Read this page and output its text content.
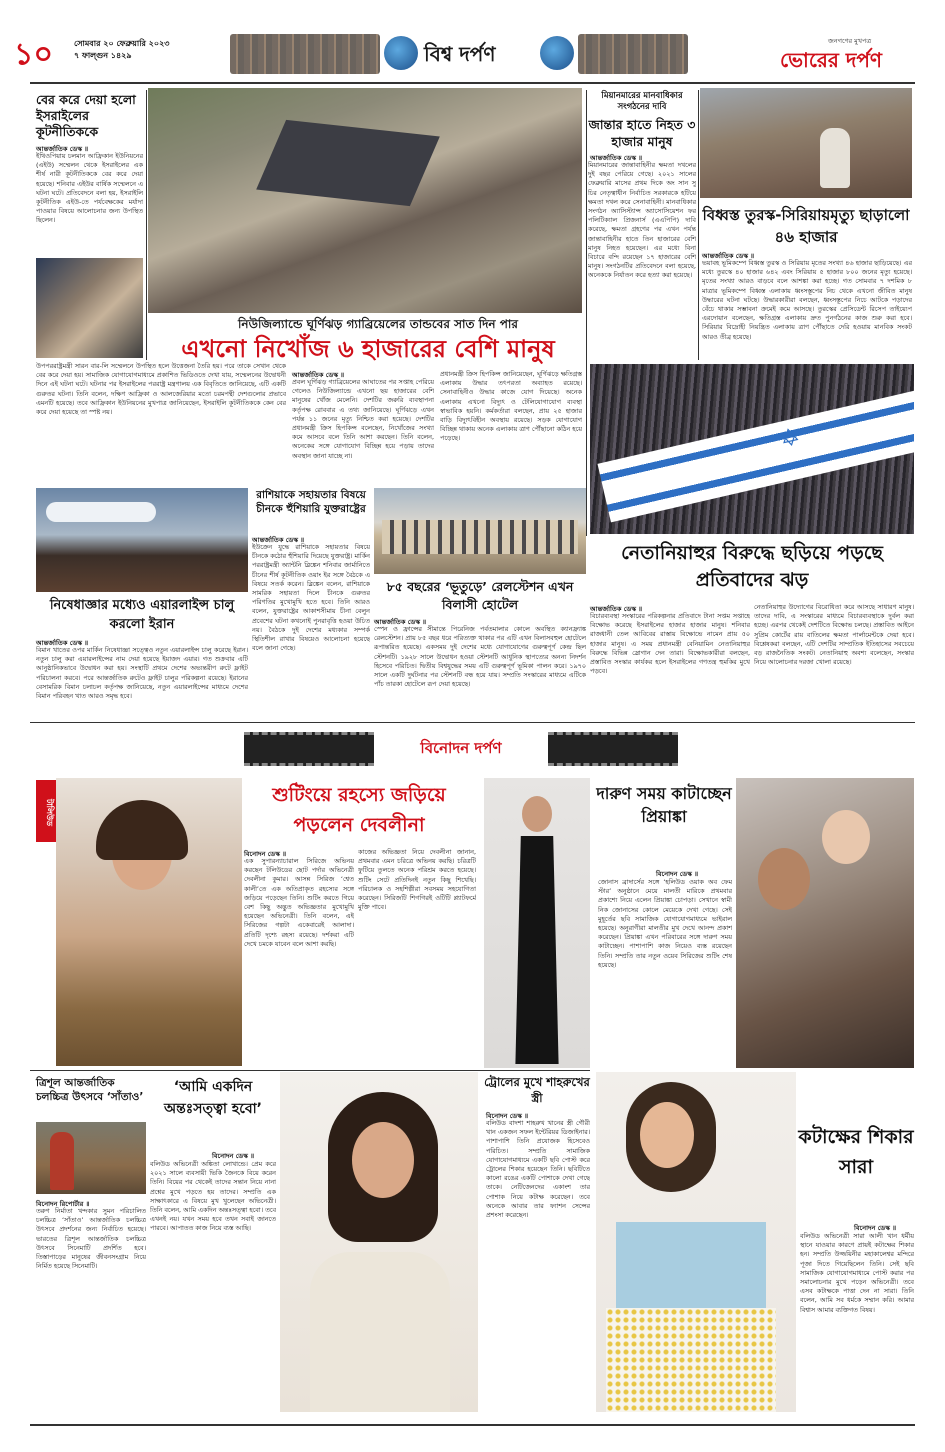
১০	সোমবার ২০ ফেব্রুয়ারি ২০২৩
৭ ফাল্গুন ১৪২৯	বিশ্ব দর্পণ
জনগণের মুখপত্র
ভোরের দর্পণ
বের করে দেয়া হলো ইসরাইলের কূটনীতিককে
আন্তর্জাতিক ডেস্ক ॥
ইথিওপিয়ায় চলমান আফ্রিকান ইউনিয়নের (এইউ) সম্মেলন থেকে ইসরাইলের এক শীর্ষ নারী কূটনীতিককে বের করে দেয়া হয়েছে। শনিবার এইউর বার্ষিক সম্মেলনে এ ঘটনা ঘটে। প্রতিবেদনে বলা হয়, ইসরাইলি কূটনীতিক এইউ-তে পর্যবেক্ষকের মর্যাদা পাওয়ার বিষয়ে আলোচনার জন্য উপস্থিত ছিলেন।
উপপররাষ্ট্রমন্ত্রী সারন বার-লি সম্মেলনে উপস্থিত হলে উত্তেজনা তৈরি হয়। পরে তাকে সেখান থেকে বের করে দেয়া হয়। সামাজিক যোগাযোগমাধ্যমে প্রকাশিত ভিডিওতে দেখা যায়, সম্মেলনের উদ্বোধনী দিনে এই ঘটনা ঘটে। ঘটনার পর ইসরাইলের পররাষ্ট্র মন্ত্রণালয় এক বিবৃতিতে জানিয়েছে, এটি একটি গুরুতর ঘটনা। তিনি বলেন, দক্ষিণ আফ্রিকা ও আলজেরিয়ার মতো চরমপন্থী দেশগুলোর প্রভাবে এমনটি হয়েছে। তবে আফ্রিকান ইউনিয়নের মুখপাত্র জানিয়েছেন, ইসরাইলি কূটনীতিককে কেন বের করে দেয়া হয়েছে তা স্পষ্ট নয়।
নিউজিল্যান্ডে ঘূর্ণিঝড় গ্যাব্রিয়েলের তান্ডবের সাত দিন পার
এখনো নিখোঁজ ৬ হাজারের বেশি মানুষ
আন্তর্জাতিক ডেস্ক ॥
প্রবল ঘূর্ণিঝড় গ্যাব্রিয়েলের আঘাতের পর সপ্তাহ পেরিয়ে গেলেও নিউজিল্যান্ডে এখনো ছয় হাজারের বেশি মানুষের খোঁজ মেলেনি। দেশটির জরুরি ব্যবস্থাপনা কর্তৃপক্ষ রোববার এ তথ্য জানিয়েছে। ঘূর্ণিঝড়ে এখন পর্যন্ত ১১ জনের মৃত্যু নিশ্চিত করা হয়েছে। দেশটির প্রধানমন্ত্রী ক্রিস হিপকিন্স বলেছেন, নিখোঁজের সংখ্যা কমে আসবে বলে তিনি আশা করছেন। তিনি বলেন, অনেকের সঙ্গে যোগাযোগ বিচ্ছিন্ন হয়ে পড়ায় তাদের অবস্থান জানা যাচ্ছে না।
প্রধানমন্ত্রী ক্রিস হিপকিন্স জানিয়েছেন, ঘূর্ণিঝড়ে ক্ষতিগ্রস্ত এলাকায় উদ্ধার তৎপরতা অব্যাহত রয়েছে। সেনাবাহিনীও উদ্ধার কাজে যোগ দিয়েছে। অনেক এলাকায় এখনো বিদ্যুৎ ও টেলিযোগাযোগ ব্যবস্থা স্বাভাবিক হয়নি। কর্মকর্তারা বলছেন, প্রায় ২৫ হাজার বাড়ি বিদ্যুৎবিহীন অবস্থায় রয়েছে। সড়ক যোগাযোগ বিচ্ছিন্ন থাকায় অনেক এলাকায় ত্রাণ পৌঁছানো কঠিন হয়ে পড়েছে।
মিয়ানমারের মানবাধিকার সংগঠনের দাবি
জান্তার হাতে নিহত ৩ হাজার মানুষ
আন্তর্জাতিক ডেস্ক ॥
মিয়ানমারের জান্তাবাহিনীর ক্ষমতা দখলের দুই বছর পেরিয়ে গেছে। ২০২১ সালের ফেব্রুয়ারি মাসের প্রথম দিকে অং সান সু চির নেতৃত্বাধীন নির্বাচিত সরকারকে হটিয়ে ক্ষমতা দখল করে সেনাবাহিনী। মানবাধিকার সংগঠন অ্যাসিস্ট্যান্স অ্যাসোসিয়েশন ফর পলিটিক্যাল প্রিজনার্স (এএপিপি) দাবি করেছে, ক্ষমতা গ্রহণের পর এখন পর্যন্ত জান্তাবাহিনীর হাতে তিন হাজারের বেশি মানুষ নিহত হয়েছেন। এর মধ্যে বিনা বিচারে বন্দি রয়েছেন ১৭ হাজারের বেশি মানুষ। সংগঠনটির প্রতিবেদনে বলা হয়েছে, অনেককে নির্যাতন করে হত্যা করা হয়েছে।
বিধ্বস্ত তুরস্ক-সিরিয়ায়মৃত্যু ছাড়ালো ৪৬ হাজার
আন্তর্জাতিক ডেস্ক ॥
ভয়াবহ ভূমিকম্পে বিধ্বস্ত তুরস্ক ও সিরিয়ায় মৃতের সংখ্যা ৪৬ হাজার ছাড়িয়েছে। এর মধ্যে তুরস্কে ৪০ হাজার ৬৪২ এবং সিরিয়ায় ৫ হাজার ৮০০ জনের মৃত্যু হয়েছে। মৃতের সংখ্যা আরও বাড়বে বলে আশঙ্কা করা হচ্ছে। গত সোমবার ৭ দশমিক ৮ মাত্রার ভূমিকম্পে বিধ্বস্ত এলাকায় ধ্বংসস্তূপের নিচ থেকে এখনো জীবিত মানুষ উদ্ধারের ঘটনা ঘটছে। উদ্ধারকারীরা বলছেন, ধ্বংসস্তূপের নিচে আটকে পড়াদের বেঁচে থাকার সম্ভাবনা ক্রমেই কমে আসছে। তুরস্কের প্রেসিডেন্ট রিসেপ তাইয়্যেপ এরদোয়ান বলেছেন, ক্ষতিগ্রস্ত এলাকায় দ্রুত পুনর্গঠনের কাজ শুরু করা হবে। সিরিয়ার বিদ্রোহী নিয়ন্ত্রিত এলাকায় ত্রাণ পৌঁছাতে দেরি হওয়ায় মানবিক সংকট আরও তীব্র হয়েছে।
✡
নিষেধাজ্ঞার মধ্যেও এয়ারলাইন্স চালু করলো ইরান
আন্তর্জাতিক ডেস্ক ॥
বিমান খাতের ওপর মার্কিন নিষেধাজ্ঞা সত্ত্বেও নতুন এয়ারলাইন্স চালু করেছে ইরান। নতুন চালু করা এয়ারলাইন্সের নাম দেয়া হয়েছে ইয়াজদ এয়ার। গত শুক্রবার এটি আনুষ্ঠানিকভাবে উদ্বোধন করা হয়। সংস্থাটি প্রথমে দেশের অভ্যন্তরীণ রুটে ফ্লাইট পরিচালনা করবে। পরে আন্তর্জাতিক রুটেও ফ্লাইট চালুর পরিকল্পনা রয়েছে। ইরানের বেসামরিক বিমান চলাচল কর্তৃপক্ষ জানিয়েছে, নতুন এয়ারলাইন্সের মাধ্যমে দেশের বিমান পরিবহন খাত আরও সমৃদ্ধ হবে।
রাশিয়াকে সহায়তার বিষয়ে চীনকে হুঁশিয়ারি যুক্তরাষ্ট্রের
আন্তর্জাতিক ডেস্ক ॥
ইউক্রেন যুদ্ধে রাশিয়াকে সহায়তার বিষয়ে চীনকে কঠোর হুঁশিয়ারি দিয়েছে যুক্তরাষ্ট্র। মার্কিন পররাষ্ট্রমন্ত্রী অ্যান্টনি ব্লিঙ্কেন শনিবার জার্মানিতে চীনের শীর্ষ কূটনীতিক ওয়াং ইর সঙ্গে বৈঠকে এ বিষয়ে সতর্ক করেন। ব্লিঙ্কেন বলেন, রাশিয়াকে সামরিক সহায়তা দিলে চীনকে গুরুতর পরিণতির মুখোমুখি হতে হবে। তিনি আরও বলেন, যুক্তরাষ্ট্রের আকাশসীমায় চীনা বেলুন প্রবেশের ঘটনা কখনোই পুনরাবৃত্তি হওয়া উচিত নয়। বৈঠকে দুই দেশের মধ্যকার সম্পর্ক স্থিতিশীল রাখার বিষয়েও আলোচনা হয়েছে বলে জানা গেছে।
৮৫ বছরের ‘ভূতুড়ে’ রেলস্টেশন এখন বিলাসী হোটেল
আন্তর্জাতিক ডেস্ক ॥
স্পেন ও ফ্রান্সের সীমান্তে পিরেনিজ পর্বতমালার কোলে অবস্থিত ক্যানফ্র্যাঙ্ক রেলস্টেশন। প্রায় ৮৫ বছর ধরে পরিত্যক্ত থাকার পর এটি এখন বিলাসবহুল হোটেলে রূপান্তরিত হয়েছে। একসময় দুই দেশের মধ্যে যোগাযোগের গুরুত্বপূর্ণ কেন্দ্র ছিল স্টেশনটি। ১৯২৮ সালে উদ্বোধন হওয়া স্টেশনটি আধুনিক স্থাপত্যের অনন্য নিদর্শন হিসেবে পরিচিত। দ্বিতীয় বিশ্বযুদ্ধের সময় এটি গুরুত্বপূর্ণ ভূমিকা পালন করে। ১৯৭০ সালে একটি দুর্ঘটনার পর স্টেশনটি বন্ধ হয়ে যায়। সম্প্রতি সংস্কারের মাধ্যমে এটিকে পাঁচ তারকা হোটেলে রূপ দেয়া হয়েছে।
নেতানিয়াহুর বিরুদ্ধে ছড়িয়ে পড়ছে প্রতিবাদের ঝড়
আন্তর্জাতিক ডেস্ক ॥
বিচারব্যবস্থা সংস্কারের পরিকল্পনার প্রতিবাদে টানা সপ্তম সপ্তাহে বিক্ষোভ করেছে ইসরাইলের হাজার হাজার মানুষ। শনিবার রাজধানী তেল আবিবের রাস্তায় বিক্ষোভে নামেন প্রায় ৫০ হাজার মানুষ। এ সময় প্রধানমন্ত্রী বেনিয়ামিন নেতানিয়াহুর বিরুদ্ধে বিভিন্ন স্লোগান দেন তারা। বিক্ষোভকারীরা বলছেন, প্রস্তাবিত সংস্কার কার্যকর হলে ইসরাইলের গণতন্ত্র হুমকির মুখে পড়বে।
নেতানিয়াহুর উদ্যোগের বিরোধিতা করে আসছে সাধারণ মানুষ। তাদের দাবি, এ সংস্কারের মাধ্যমে বিচারব্যবস্থাকে দুর্বল করা হচ্ছে। এরপর থেকেই দেশটিতে বিক্ষোভ চলছে। প্রস্তাবিত আইনে সুপ্রিম কোর্টের রায় বাতিলের ক্ষমতা পার্লামেন্টকে দেয়া হবে। বিশ্লেষকরা বলছেন, এটি দেশটির সাম্প্রতিক ইতিহাসের সবচেয়ে বড় রাজনৈতিক সংকট। নেতানিয়াহু অবশ্য বলেছেন, সংস্কার নিয়ে আলোচনার দরজা খোলা রয়েছে।
বিনোদন দর্পণ
টালিউড
শুটিংয়ে রহস্যে জড়িয়ে পড়লেন দেবলীনা
বিনোদন ডেস্ক ॥
এক সুপারন্যাচারাল সিরিজে অভিনয় করছেন টলিউডের ছোট পর্দার অভিনেত্রী দেবলীনা কুমার। আসন্ন সিরিজ ‘শ্বেত কালী’তে এক অতিপ্রাকৃত রহস্যের সঙ্গে জড়িয়ে পড়েছেন তিনি। শুটিং করতে গিয়ে বেশ কিছু অদ্ভুত অভিজ্ঞতার মুখোমুখি হয়েছেন অভিনেত্রী। তিনি বলেন, এই সিরিজের গল্পটা একেবারেই আলাদা। প্রতিটি দৃশ্যে রহস্য রয়েছে। দর্শকরা এটি দেখে চমকে যাবেন বলে আশা করছি।
কাজের অভিজ্ঞতা নিয়ে দেবলীনা জানান, প্রথমবার এমন চরিত্রে অভিনয় করছি। চরিত্রটি ফুটিয়ে তুলতে অনেক পরিশ্রম করতে হয়েছে। শুটিং সেটে প্রতিদিনই নতুন কিছু শিখেছি। পরিচালক ও সহশিল্পীরা সবসময় সহযোগিতা করেছেন। সিরিজটি শিগগিরই ওটিটি প্ল্যাটফর্মে মুক্তি পাবে।
ট্রোলের মুখে শাহরুখের স্ত্রী
বিনোদন ডেস্ক ॥
বলিউড বাদশা শাহরুখ খানের স্ত্রী গৌরী খান একজন সফল ইন্টেরিয়র ডিজাইনার। পাশাপাশি তিনি প্রযোজক হিসেবেও পরিচিত। সম্প্রতি সামাজিক যোগাযোগমাধ্যমে একটি ছবি পোস্ট করে ট্রোলের শিকার হয়েছেন তিনি। ছবিটিতে কালো রঙের একটি পোশাকে দেখা গেছে তাকে। নেটিজেনদের একাংশ তার পোশাক নিয়ে কটাক্ষ করেছেন। তবে অনেকে আবার তার ফ্যাশন সেন্সের প্রশংসা করেছেন।
দারুণ সময় কাটাচ্ছেন প্রিয়াঙ্কা
বিনোদন ডেস্ক ॥
জোনাস ব্রাদার্সের সঙ্গে ‘হলিউড ওয়াক অব ফেম স্টার’ অনুষ্ঠানে মেয়ে মালতী মারিকে প্রথমবার প্রকাশ্যে নিয়ে এলেন প্রিয়াঙ্কা চোপড়া। সেখানে স্বামী নিক জোনাসের কোলে মেয়েকে দেখা গেছে। সেই মুহূর্তের ছবি সামাজিক যোগাযোগমাধ্যমে ভাইরাল হয়েছে। অনুরাগীরা মালতীর মুখ দেখে আনন্দ প্রকাশ করেছেন। প্রিয়াঙ্কা এখন পরিবারের সঙ্গে দারুণ সময় কাটাচ্ছেন। পাশাপাশি কাজ নিয়েও ব্যস্ত রয়েছেন তিনি। সম্প্রতি তার নতুন ওয়েব সিরিজের শুটিং শেষ হয়েছে।
ত্রিশূল আন্তর্জাতিক চলচ্চিত্র উৎসবে ‘সাঁতাও’
বিনোদন রিপোর্টার ॥
তরুণ নির্মাতা খন্দকার সুমন পরিচালিত চলচ্চিত্র ‘সাঁতাও’ আন্তর্জাতিক চলচ্চিত্র উৎসবে প্রদর্শনের জন্য নির্বাচিত হয়েছে। ভারতের ত্রিশূল আন্তর্জাতিক চলচ্চিত্র উৎসবে সিনেমাটি প্রদর্শিত হবে। তিস্তাপাড়ের মানুষের জীবনসংগ্রাম নিয়ে নির্মিত হয়েছে সিনেমাটি।
‘আমি একদিন অন্তঃসত্ত্বা হবো’
বিনোদন ডেস্ক ॥
বলিউড অভিনেত্রী অঙ্কিতা লোখান্ডে। প্রেম করে ২০২১ সালে ব্যবসায়ী ভিকি জৈনকে বিয়ে করেন তিনি। বিয়ের পর থেকেই তাদের সন্তান নিয়ে নানা প্রশ্নের মুখে পড়তে হয় তাদের। সম্প্রতি এক সাক্ষাৎকারে এ বিষয়ে মুখ খুলেছেন অভিনেত্রী। তিনি বলেন, আমি একদিন অন্তঃসত্ত্বা হবো। তবে এখনই নয়। যখন সময় হবে তখন সবাই জানতে পারবে। আপাতত কাজ নিয়ে ব্যস্ত আছি।
কটাক্ষের শিকার সারা
বিনোদন ডেস্ক ॥
বলিউড অভিনেত্রী সারা আলী খান ধর্মীয় স্থানে যাওয়ার কারণে প্রায়ই কটাক্ষের শিকার হন। সম্প্রতি উজ্জয়িনীর মহাকালেশ্বর মন্দিরে পূজা দিতে গিয়েছিলেন তিনি। সেই ছবি সামাজিক যোগাযোগমাধ্যমে পোস্ট করার পর সমালোচনার মুখে পড়েন অভিনেত্রী। তবে এসব কটাক্ষকে পাত্তা দেন না সারা। তিনি বলেন, আমি সব ধর্মকে সম্মান করি। আমার বিশ্বাস আমার ব্যক্তিগত বিষয়।
